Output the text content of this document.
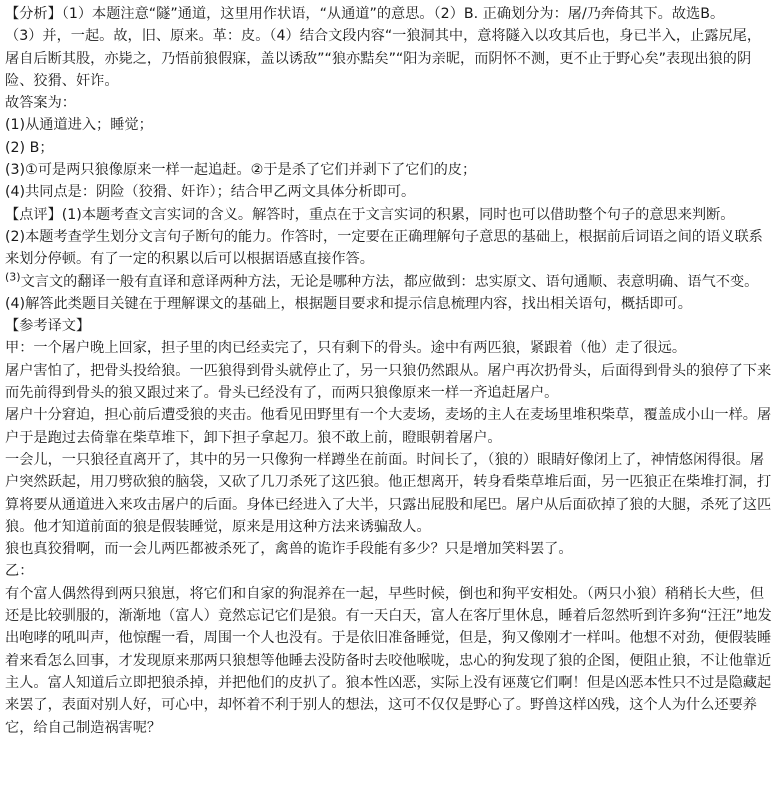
【分析】（1）本题注意“隧”通道，这里用作状语，“从通道”的意思。（2）B. 正确划分为：屠/乃奔倚其下。故选B。

（3）并，一起。故，旧、原来。革：皮。（4）结合文段内容“一狼洞其中，意将隧入以攻其后也，身已半入，止露尻尾，屠自后断其股，亦毙之，乃悟前狼假寐，盖以诱敌”“狼亦黠矣”“阳为亲昵，而阴怀不测，更不止于野心矣”表现出狼的阴险、狡猾、奸诈。

故答案为：

(1)从通道进入；睡觉；

(2) B；

(3)①可是两只狼像原来一样一起追赶。②于是杀了它们并剥下了它们的皮；

(4)共同点是：阴险（狡猾、奸诈）；结合甲乙两文具体分析即可。

【点评】(1)本题考查文言实词的含义。解答时，重点在于文言实词的积累，同时也可以借助整个句子的意思来判断。

(2)本题考查学生划分文言句子断句的能力。作答时，一定要在正确理解句子意思的基础上，根据前后词语之间的语义联系来划分停顿。有了一定的积累以后可以根据语感直接作答。

$^{(3)}$文言文的翻译一般有直译和意译两种方法，无论是哪种方法，都应做到：忠实原文、语句通顺、表意明确、语气不变。

(4)解答此类题目关键在于理解课文的基础上，根据题目要求和提示信息梳理内容，找出相关语句，概括即可。

【参考译文】

甲：一个屠户晚上回家，担子里的肉已经卖完了，只有剩下的骨头。途中有两匹狼，紧跟着（他）走了很远。

屠户害怕了，把骨头投给狼。一匹狼得到骨头就停止了，另一只狼仍然跟从。屠户再次扔骨头，后面得到骨头的狼停了下来而先前得到骨头的狼又跟过来了。骨头已经没有了，而两只狼像原来一样一齐追赶屠户。

屠户十分窘迫，担心前后遭受狼的夹击。他看见田野里有一个大麦场，麦场的主人在麦场里堆积柴草，覆盖成小山一样。屠户于是跑过去倚靠在柴草堆下，卸下担子拿起刀。狼不敢上前，瞪眼朝着屠户。

一会儿，一只狼径直离开了，其中的另一只像狗一样蹲坐在前面。时间长了，（狼的）眼睛好像闭上了，神情悠闲得很。屠户突然跃起，用刀劈砍狼的脑袋，又砍了几刀杀死了这匹狼。他正想离开，转身看柴草堆后面，另一匹狼正在柴堆打洞，打算将要从通道进入来攻击屠户的后面。身体已经进入了大半，只露出屁股和尾巴。屠户从后面砍掉了狼的大腿，杀死了这匹狼。他才知道前面的狼是假装睡觉，原来是用这种方法来诱骗敌人。

狼也真狡猾啊，而一会儿两匹都被杀死了，禽兽的诡诈手段能有多少？只是增加笑料罢了。

乙：

有个富人偶然得到两只狼崽，将它们和自家的狗混养在一起，早些时候，倒也和狗平安相处。（两只小狼）稍稍长大些，但还是比较驯服的，渐渐地（富人）竟然忘记它们是狼。有一天白天，富人在客厅里休息，睡着后忽然听到许多狗“汪汪”地发出咆哮的吼叫声，他惊醒一看，周围一个人也没有。于是依旧准备睡觉，但是，狗又像刚才一样叫。他想不对劲，便假装睡着来看怎么回事，才发现原来那两只狼想等他睡去没防备时去咬他喉咙，忠心的狗发现了狼的企图，便阻止狼，不让他靠近主人。富人知道后立即把狼杀掉，并把他们的皮扒了。狼本性凶恶，实际上没有诬蔑它们啊！但是凶恶本性只不过是隐藏起来罢了，表面对别人好，可心中，却怀着不利于别人的想法，这可不仅仅是野心了。野兽这样凶残，这个人为什么还要养它，给自己制造祸害呢？
